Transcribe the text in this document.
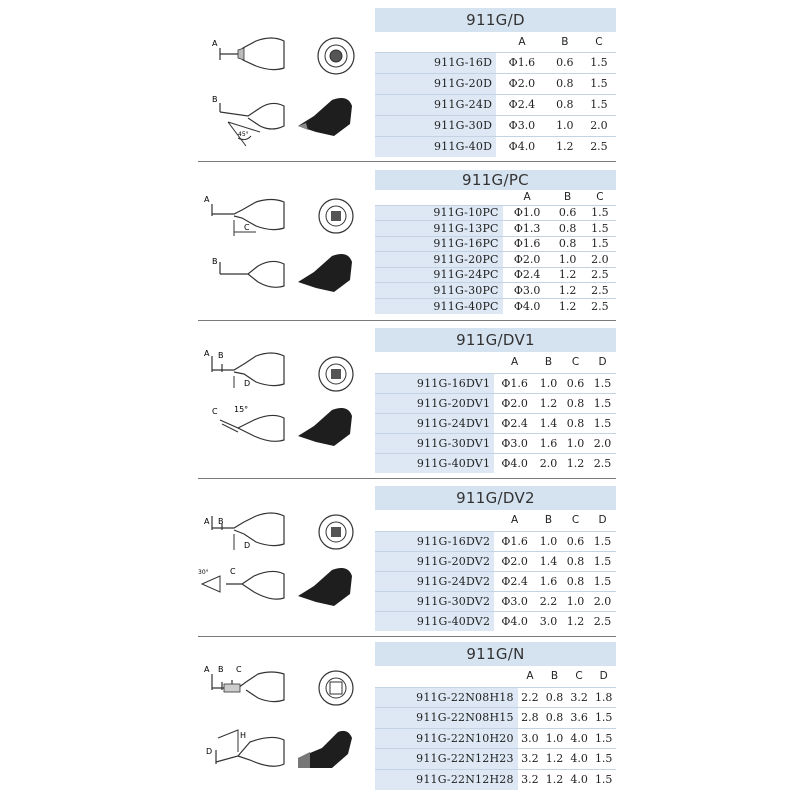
A
B
45°
911G/D			
	A	B	C
911G-16D	Φ1.6	0.6	1.5
911G-20D	Φ2.0	0.8	1.5
911G-24D	Φ2.4	0.8	1.5
911G-30D	Φ3.0	1.0	2.0
911G-40D	Φ4.0	1.2	2.5
A
C
B
911G/PC			
	A	B	C
911G-10PC	Φ1.0	0.6	1.5
911G-13PC	Φ1.3	0.8	1.5
911G-16PC	Φ1.6	0.8	1.5
911G-20PC	Φ2.0	1.0	2.0
911G-24PC	Φ2.4	1.2	2.5
911G-30PC	Φ3.0	1.2	2.5
911G-40PC	Φ4.0	1.2	2.5
A B
D
C 15°
911G/DV1				
	A	B	C	D
911G-16DV1	Φ1.6	1.0	0.6	1.5
911G-20DV1	Φ2.0	1.2	0.8	1.5
911G-24DV1	Φ2.4	1.4	0.8	1.5
911G-30DV1	Φ3.0	1.6	1.0	2.0
911G-40DV1	Φ4.0	2.0	1.2	2.5
A B
D
30°	C
911G/DV2				
	A	B	C	D
911G-16DV2	Φ1.6	1.0	0.6	1.5
911G-20DV2	Φ2.0	1.4	0.8	1.5
911G-24DV2	Φ2.4	1.6	0.8	1.5
911G-30DV2	Φ3.0	2.2	1.0	2.0
911G-40DV2	Φ4.0	3.0	1.2	2.5
A B C
H
D
911G/N				
	A	B	C	D
911G-22N08H18	2.2	0.8	3.2	1.8
911G-22N08H15	2.8	0.8	3.6	1.5
911G-22N10H20	3.0	1.0	4.0	1.5
911G-22N12H23	3.2	1.2	4.0	1.5
911G-22N12H28	3.2	1.2	4.0	1.5
